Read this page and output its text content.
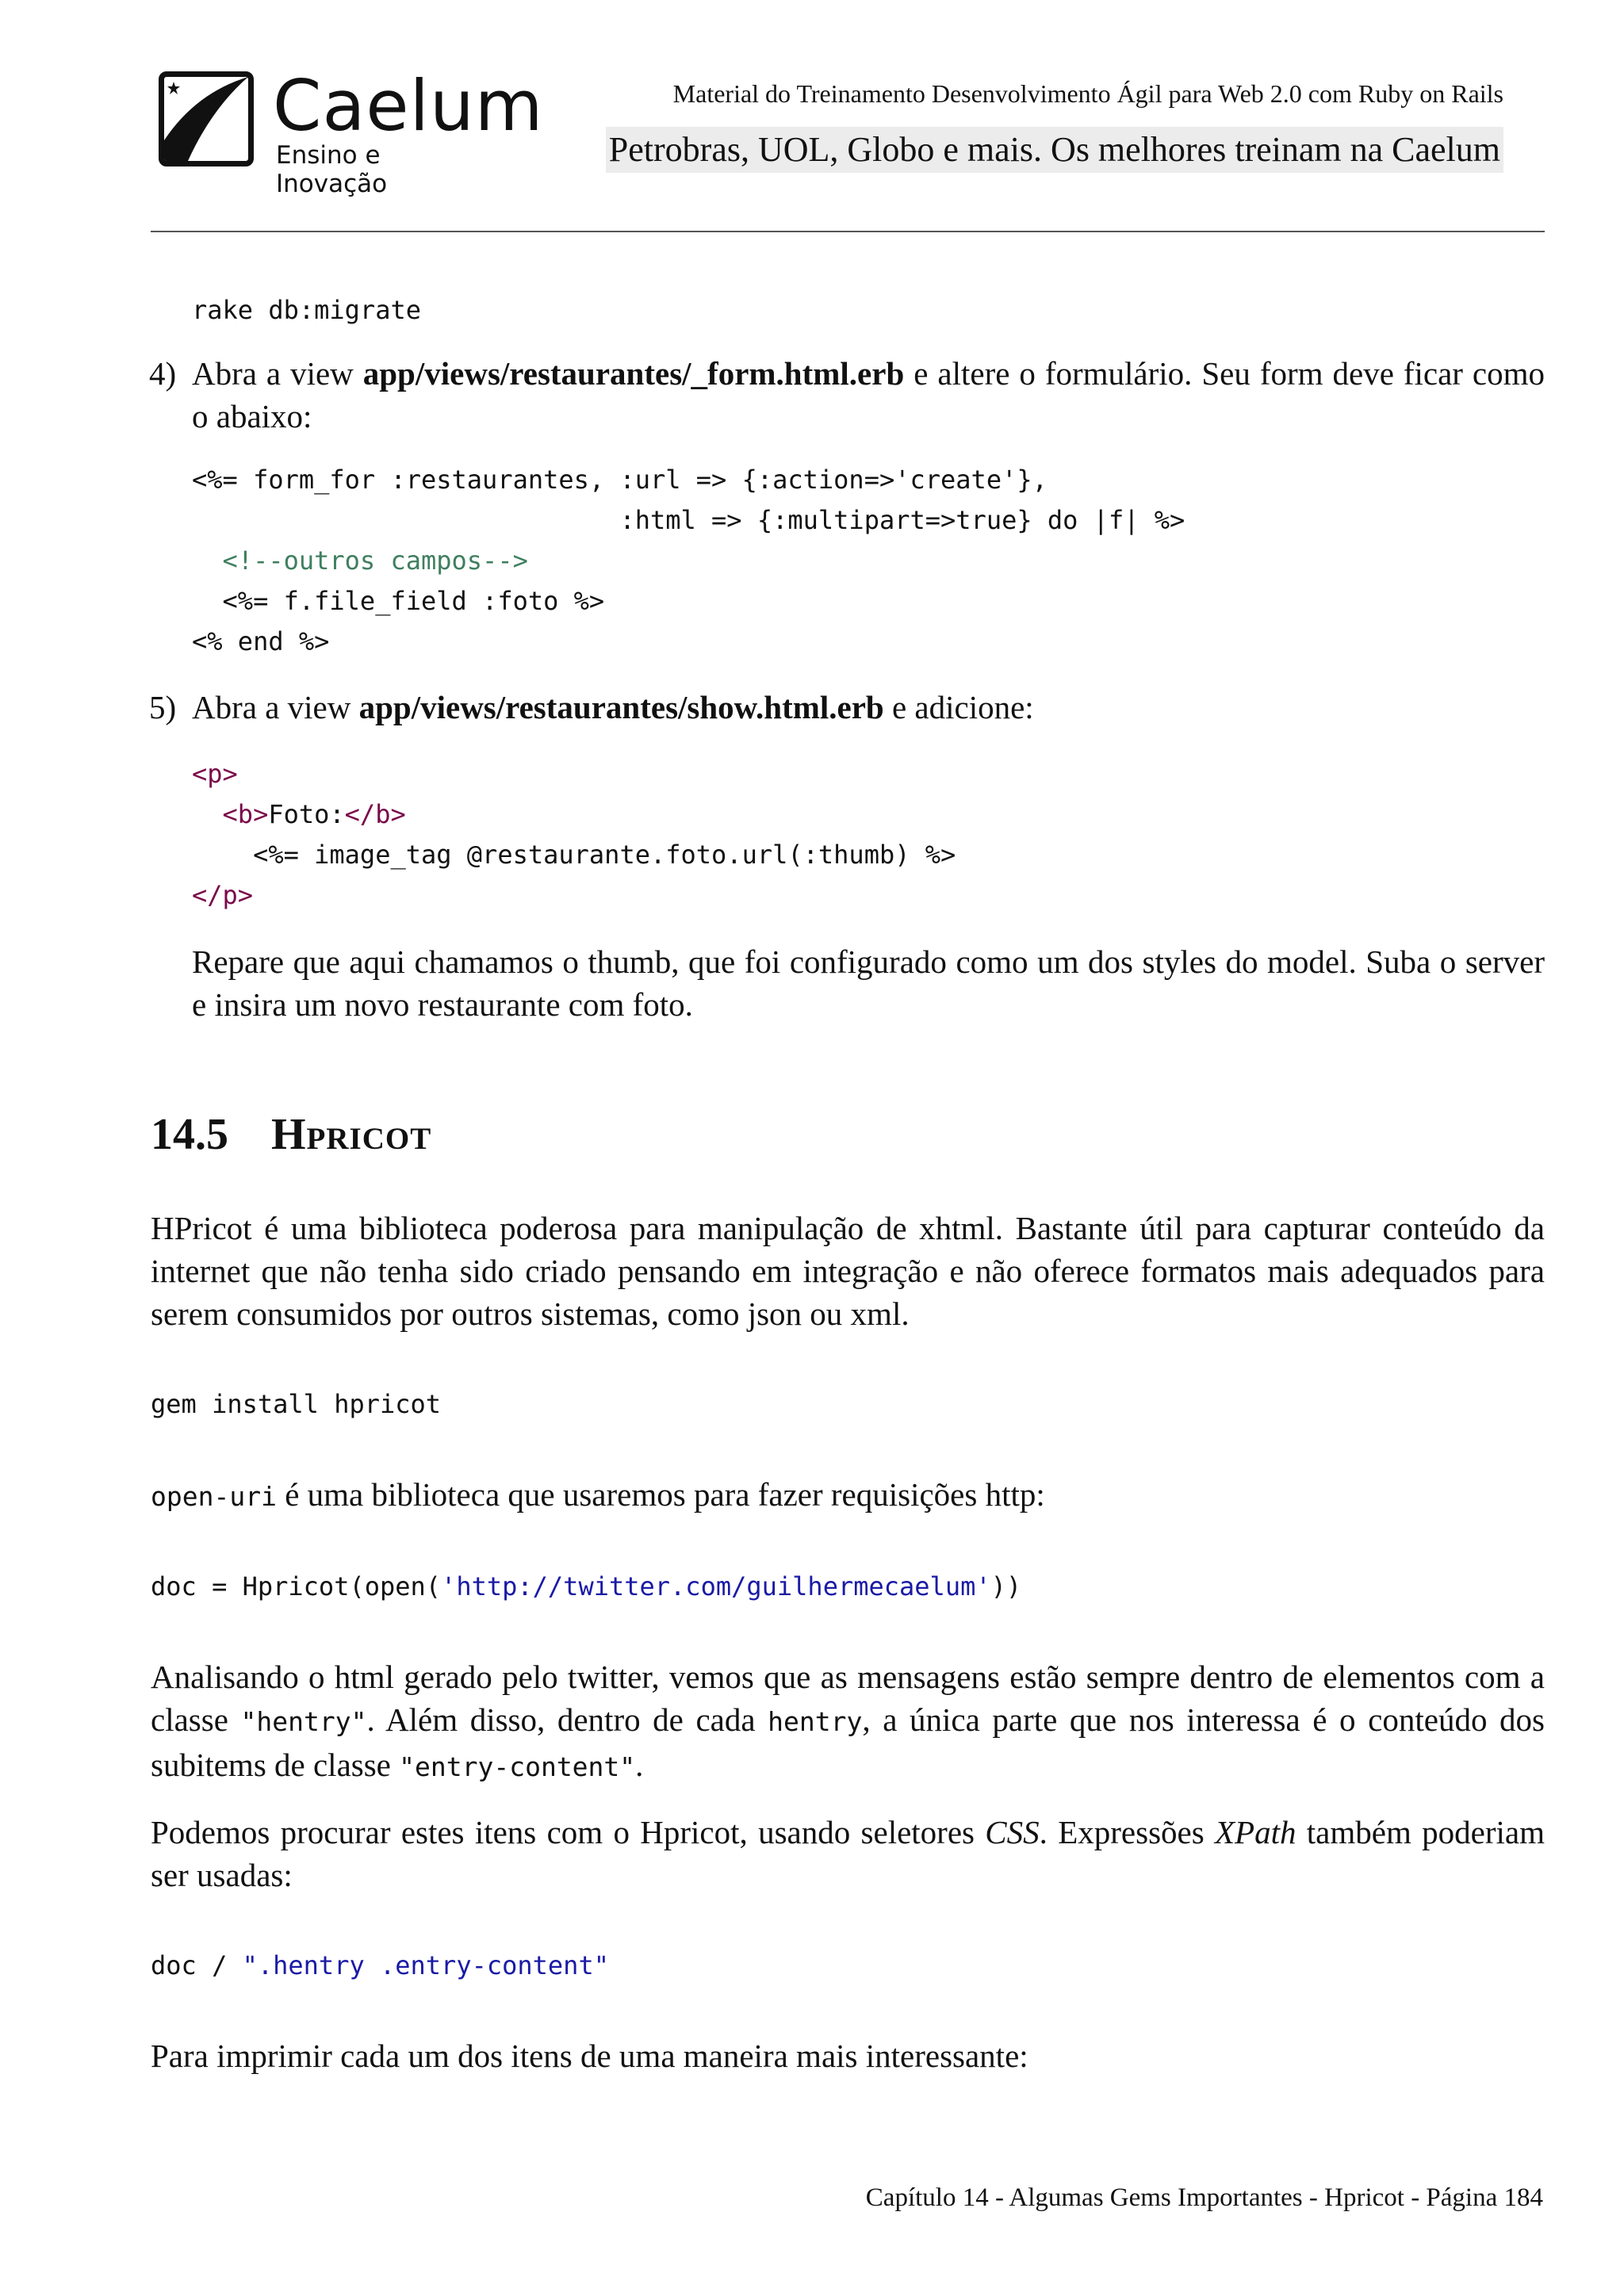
Caelum
Ensino e Inovação
Material do Treinamento Desenvolvimento Ágil para Web 2.0 com Ruby on Rails
Petrobras, UOL, Globo e mais. Os melhores treinam na Caelum
rake db:migrate
4) Abra a view app/views/restaurantes/_form.html.erb e altere o formulário. Seu form deve ficar como o abaixo:

<%= form_for :restaurantes, :url => {:action=>'create'},
:html => {:multipart=>true} do |f| %>
<!--outros campos-->
<%= f.file_field :foto %>
<% end %>
5) Abra a view app/views/restaurantes/show.html.erb e adicione:

<p>
<b>Foto:</b>
<%= image_tag @restaurante.foto.url(:thumb) %>
</p>

Repare que aqui chamamos o thumb, que foi configurado como um dos styles do model. Suba o server e insira um novo restaurante com foto.

14.5 Hpricot

HPricot é uma biblioteca poderosa para manipulação de xhtml. Bastante útil para capturar conteúdo da internet que não tenha sido criado pensando em integração e não oferece formatos mais adequados para serem consumidos por outros sistemas, como json ou xml.

gem install hpricot

open-uri é uma biblioteca que usaremos para fazer requisições http:

doc = Hpricot(open('http://twitter.com/guilhermecaelum'))

Analisando o html gerado pelo twitter, vemos que as mensagens estão sempre dentro de elementos com a classe "hentry". Além disso, dentro de cada hentry, a única parte que nos interessa é o conteúdo dos subitems de classe "entry-content".

Podemos procurar estes itens com o Hpricot, usando seletores CSS. Expressões XPath também poderiam ser usadas:

doc / ".hentry .entry-content"

Para imprimir cada um dos itens de uma maneira mais interessante:

Capítulo 14 - Algumas Gems Importantes - Hpricot - Página 184
